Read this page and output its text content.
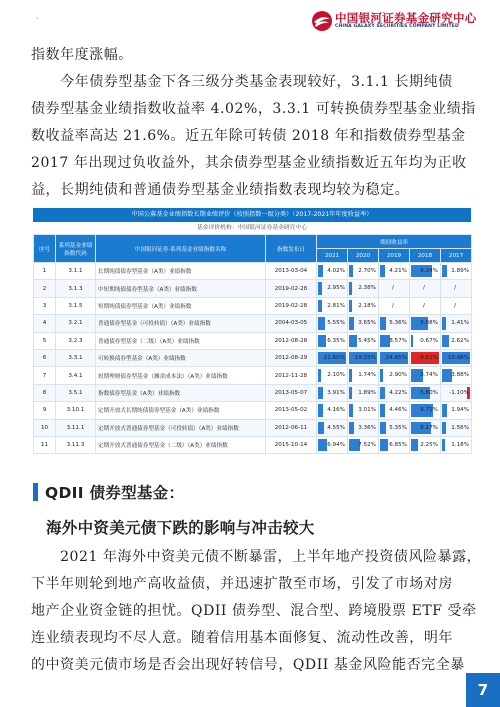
`	中国银河证券基金研究中心
CHINA GALAXY SECURITIES COMPANY LIMITED

指数年度涨幅。

　　今年债券型基金下各三级分类基金表现较好，3.1.1 长期纯债

债券型基金业绩指数收益率 4.02%，3.3.1 可转换债券型基金业绩指

数收益率高达 21.6%。近五年除可转债 2018 年和指数债券型基金

2017 年出现过负收益外，其余债券型基金业绩指数近五年均为正收

益，长期纯债和普通债券型基金业绩指数表现均较为稳定。

中国公募基金业绩指数长期业绩评价（按照指数一级分类）（2017-2021年年度收益率）
基金评价机构：中国银河证券基金研究中心
序号	系列基金业绩指数代码	中国银河证券·系列基金业绩指数名称	指数发布日	期间收益率				
				2021	2020	2019	2018	2017
1	3.1.1	长期纯债债券型基金（A类）业绩指数	2013-03-04	4.02%	2.70%	4.21%	6.34%	1.89%

2	3.1.3	中短期纯债债券型基金（A类）业绩指数	2019-02-28	2.95%	2.38%	/	/	/

3	3.1.5	短期纯债债券型基金（A类）业绩指数	2019-02-28	2.81%	2.18%	/	/	/

4	3.2.1	普通债券型基金（可投转债）（A类）业绩指数	2004-03-05	5.55%	3.65%	5.36%	5.08%	1.41%

5	3.2.3	普通债券型基金（二级）（A类）业绩指数	2012-08-28	6.35%	5.45%	8.57%	0.67%	2.62%

6	3.3.1	可转换债券型基金（A类）业绩指数	2012-08-29	21.60%	19.25%	24.65%	-8.61%	10.48%

7	3.4.1	短期理财债券型基金（摊余成本法）（A类）业绩指数	2012-11-28	2.10%	1.74%	2.90%	3.74%	3.88%

8	3.5.1	指数债券型基金（A类）业绩指数	2013-05-07	3.91%	1.89%	4.22%	5.80%	-1.10%

9	3.10.1	定期开放式长期纯债债券型基金（A类）业绩指数	2013-05-02	4.16%	3.01%	4.46%	6.71%	1.94%

10	3.11.1	定期开放式普通债券型基金（可投转债）（A类）业绩指数	2012-06-11	4.55%	3.36%	5.35%	6.17%	1.56%

11	3.11.3	定期开放式普通债券型基金（二级）（A类）业绩指数	2015-10-14	6.94%	7.52%	6.85%	2.25%	1.18%
QDII 债券型基金：
海外中资美元债下跌的影响与冲击较大

　　2021 年海外中资美元债不断暴雷，上半年地产投资债风险暴露，

下半年则轮到地产高收益债，并迅速扩散至市场，引发了市场对房

地产企业资金链的担忧。QDII 债券型、混合型、跨境股票 ETF 受牵

连业绩表现均不尽人意。随着信用基本面修复、流动性改善，明年

的中资美元债市场是否会出现好转信号，QDII 基金风险能否完全暴

7
